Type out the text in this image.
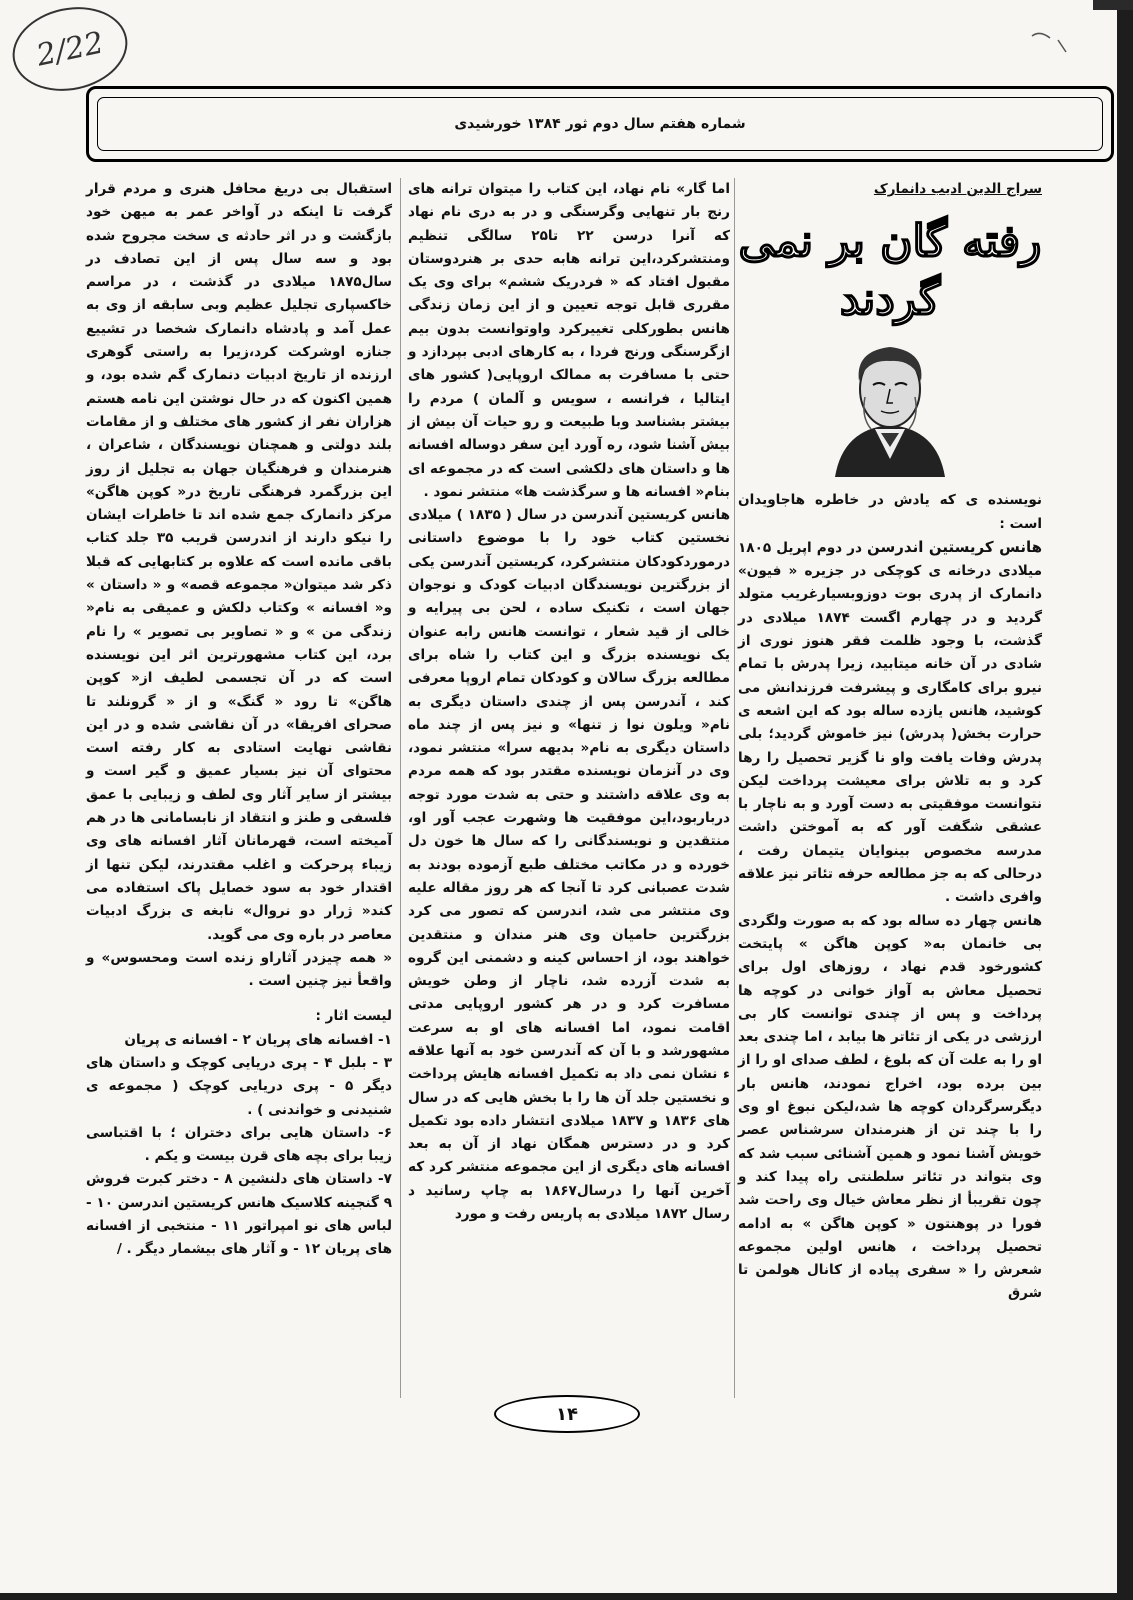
2/22
شماره هفتم سال دوم ثور ۱۳۸۴ خورشیدی

سراج الدین ادیب دانمارک

رفته گان بر نمی
گردند

نویسنده ی که یادش در خاطره هاجاویدان است :

هانس کریستین اندرسن در دوم اپریل ۱۸۰۵ میلادی درخانه ی کوچکی در جزیره « فیون» دانمارک از پدری بوت دوزوبسیارغریب متولد گردید و در چهارم اگست ۱۸۷۴ میلادی در گذشت، با وجود ظلمت فقر هنوز نوری از شادی در آن خانه میتابید، زیرا پدرش با تمام نیرو برای کامگاری و پیشرفت فرزندانش می کوشید، هانس یازده ساله بود که این اشعه ی حرارت بخش( پدرش) نیز خاموش گردید؛ بلی پدرش وفات یافت واو نا گزیر تحصیل را رها کرد و به تلاش برای معیشت پرداخت لیکن نتوانست موفقیتی به دست آورد و به ناچار با عشقی شگفت آور که به آموختن داشت مدرسه مخصوص بینوایان یتیمان رفت ، درحالی که به جز مطالعه حرفه تئاتر نیز علاقه وافری داشت .

هانس چهار ده ساله بود که به صورت ولگردی بی خانمان به« کوپن هاگن » پایتخت کشورخود قدم نهاد ، روزهای اول برای تحصیل معاش به آواز خوانی در کوچه ها پرداخت و پس از چندی توانست کار بی ارزشی در یکی از تئاتر ها بیابد ، اما چندی بعد او را به علت آن که بلوغ ، لطف صدای او را از بین برده بود، اخراج نمودند، هانس بار دیگرسرگردان کوچه ها شد،لیکن نبوغ او وی را با چند تن از هنرمندان سرشناس عصر خویش آشنا نمود و همین آشنائی سبب شد که وی بتواند در تئاتر سلطنتی راه پیدا کند و چون تقریبأ از نظر معاش خیال وی راحت شد فورا در پوهنتون « کوپن هاگن » به ادامه تحصیل پرداخت ، هانس اولین مجموعه شعرش را « سفری پیاده از کانال هولمن تا شرق

اما گار» نام نهاد، این کتاب را میتوان ترانه های رنج بار تنهایی وگرسنگی و در به دری نام نهاد که آنرا درسن ۲۲ تا۲۵ سالگی تنظیم ومنتشرکرد،این ترانه هابه حدی بر هنردوستان مقبول افتاد که « فردریک ششم» برای وی یک مقرری قابل توجه تعیین و از این زمان زندگی هانس بطورکلی تغییرکرد واوتوانست بدون بیم ازگرسنگی ورنج فردا ، به کارهای ادبی بپردازد و حتی با مسافرت به ممالک اروپایی( کشور های ایتالیا ، فرانسه ، سویس و آلمان ) مردم را بیشتر بشناسد وبا طبیعت و رو حیات آن بیش از بیش آشنا شود، ره آورد این سفر دوساله افسانه ها و داستان های دلکشی است که در مجموعه ای بنام« افسانه ها و سرگذشت ها» منتشر نمود .

هانس کریستین آندرسن در سال ( ۱۸۳۵ ) میلادی نخستین کتاب خود را با موضوع داستانی درموردکودکان منتشرکرد، کریستین آندرسن یکی از بزرگترین نویسندگان ادبیات کودک و نوجوان جهان است ، تکنیک ساده ، لحن بی پیرایه و خالی از قید شعار ، توانست هانس رابه عنوان یک نویسنده بزرگ و این کتاب را شاه برای مطالعه بزرگ سالان و کودکان تمام اروپا معرفی کند ، آندرسن پس از چندی داستان دیگری به نام« ویلون نوا ز تنها» و نیز پس از چند ماه داستان دیگری به نام« بدیهه سرا» منتشر نمود، وی در آنزمان نویسنده مقتدر بود که همه مردم به وی علاقه داشتند و حتی به شدت مورد توجه درباربود،این موفقیت ها وشهرت عجب آور او، منتقدین و نویسندگانی را که سال ها خون دل خورده و در مکاتب مختلف طبع آزموده بودند به شدت عصبانی کرد تا آنجا که هر روز مقاله علیه وی منتشر می شد، اندرسن که تصور می کرد بزرگترین حامیان وی هنر مندان و منتقدین خواهند بود، از احساس کینه و دشمنی این گروه به شدت آزرده شد، ناچار از وطن خویش مسافرت کرد و در هر کشور اروپایی مدتی اقامت نمود، اما افسانه های او به سرعت مشهورشد و با آن که آندرسن خود به آنها علاقه ء نشان نمی داد به تکمیل افسانه هایش پرداخت و نخستین جلد آن ها را با بخش هایی که در سال های ۱۸۳۶ و ۱۸۳۷ میلادی انتشار داده بود تکمیل کرد و در دسترس همگان نهاد از آن به بعد افسانه های دیگری از این مجموعه منتشر کرد که آخرین آنها را درسال۱۸۶۷ به چاپ رسانید د رسال ۱۸۷۲ میلادی به پاریس رفت و مورد

استقبال بی دریغ محافل هنری و مردم قرار گرفت تا اینکه در آواخر عمر به میهن خود بازگشت و در اثر حادثه ی سخت مجروح شده بود و سه سال پس از این تصادف در سال۱۸۷۵ میلادی در گذشت ، در مراسم خاکسپاری تجلیل عظیم وبی سابقه از وی به عمل آمد و پادشاه دانمارک شخصا در تشییع جنازه اوشرکت کرد،زیرا به راستی گوهری ارزنده از تاریخ ادبیات دنمارک گم شده بود، و همین اکنون که در حال نوشتن این نامه هستم هزاران نفر از کشور های مختلف و از مقامات بلند دولتی و همچنان نویسندگان ، شاعران ، هنرمندان و فرهنگیان جهان به تجلیل از روز این بزرگمرد فرهنگی تاریخ در« کوپن هاگن» مرکز دانمارک جمع شده اند تا خاطرات ایشان را نیکو دارند از اندرسن قریب ۳۵ جلد کتاب باقی مانده است که علاوه بر کتابهایی که قبلا ذکر شد میتوان« مجموعه قصه» و « داستان » و« افسانه » وکتاب دلکش و عمیقی به نام« زندگی من » و « تصاویر بی تصویر » را نام برد، این کتاب مشهورترین اثر این نویسنده است که در آن تجسمی لطیف از« کوپن هاگن» تا رود « گنگ» و از « گرونلند تا صحرای افریقا» در آن نقاشی شده و در این نقاشی نهایت استادی به کار رفته است محتوای آن نیز بسیار عمیق و گیر است و بیشتر از سایر آثار وی لطف و زیبایی با عمق فلسفی و طنز و انتقاد از نابسامانی ها در هم آمیخته است، قهرمانان آثار افسانه های وی زیباء پرحرکت و اغلب مقتدرند، لیکن تنها از اقتدار خود به سود خصایل پاک استفاده می کند« ژرار دو نروال» نابغه ی بزرگ ادبیات معاصر در باره وی می گوید.

« همه چیزدر آثاراو زنده است ومحسوس» و واقعأ نیز چنین است .

لیست اثار :

۱- افسانه های پریان ۲ - افسانه ی پریان

۳ - بلبل ۴ - پری دریایی کوچک و داستان های دیگر ۵ - پری دریایی کوچک ( مجموعه ی شنیدنی و خواندنی ) .

۶- داستان هایی برای دختران ؛ با اقتباسی زیبا برای بچه های قرن بیست و یکم .

۷- داستان های دلنشین ۸ - دختر کبرت فروش ۹ گنجینه کلاسیک هانس کریستین اندرسن ۱۰ - لباس های نو امپراتور ۱۱ - منتخبی از افسانه های پریان ۱۲ - و آثار های بیشمار دیگر . /

۱۴
